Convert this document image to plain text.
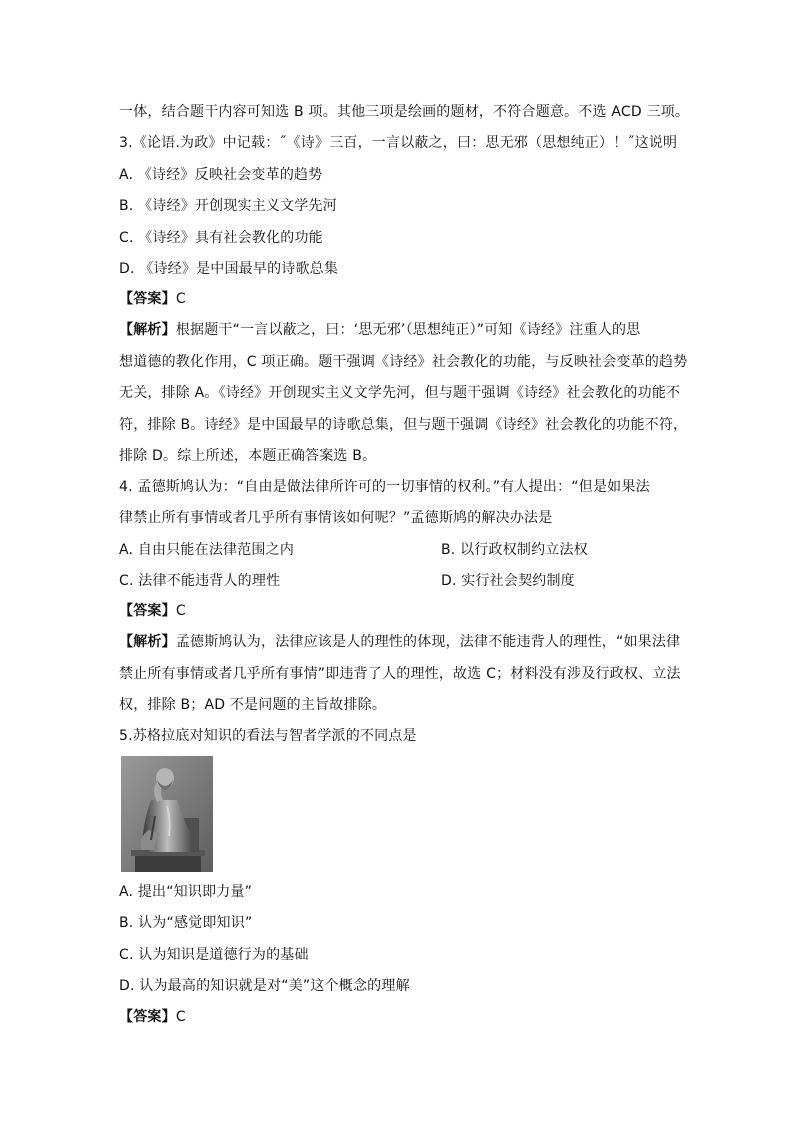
一体，结合题干内容可知选 B 项。其他三项是绘画的题材，不符合题意。不选 ACD 三项。
3.《论语.为政》中记载：˝《诗》三百，一言以蔽之，曰：思无邪（思想纯正）！˝这说明
A. 《诗经》反映社会变革的趋势
B. 《诗经》开创现实主义文学先河
C. 《诗经》具有社会教化的功能
D. 《诗经》是中国最早的诗歌总集
【答案】C
【解析】根据题干“一言以蔽之，曰：‘思无邪’（思想纯正）”可知《诗经》注重人的思
想道德的教化作用，C 项正确。题干强调《诗经》社会教化的功能，与反映社会变革的趋势
无关，排除 A。《诗经》开创现实主义文学先河，但与题干强调《诗经》社会教化的功能不
符，排除 B。诗经》是中国最早的诗歌总集，但与题干强调《诗经》社会教化的功能不符，
排除 D。综上所述，本题正确答案选 B。
4. 孟德斯鸠认为：“自由是做法律所许可的一切事情的权利。”有人提出：“但是如果法
律禁止所有事情或者几乎所有事情该如何呢？”孟德斯鸠的解决办法是
A. 自由只能在法律范围之内	B. 以行政权制约立法权
C. 法律不能违背人的理性	D. 实行社会契约制度
【答案】C
【解析】孟德斯鸠认为，法律应该是人的理性的体现，法律不能违背人的理性，“如果法律
禁止所有事情或者几乎所有事情”即违背了人的理性，故选 C；材料没有涉及行政权、立法
权，排除 B；AD 不是问题的主旨故排除。
5.苏格拉底对知识的看法与智者学派的不同点是
A. 提出“知识即力量”
B. 认为“感觉即知识”
C. 认为知识是道德行为的基础
D. 认为最高的知识就是对“美”这个概念的理解
【答案】C
